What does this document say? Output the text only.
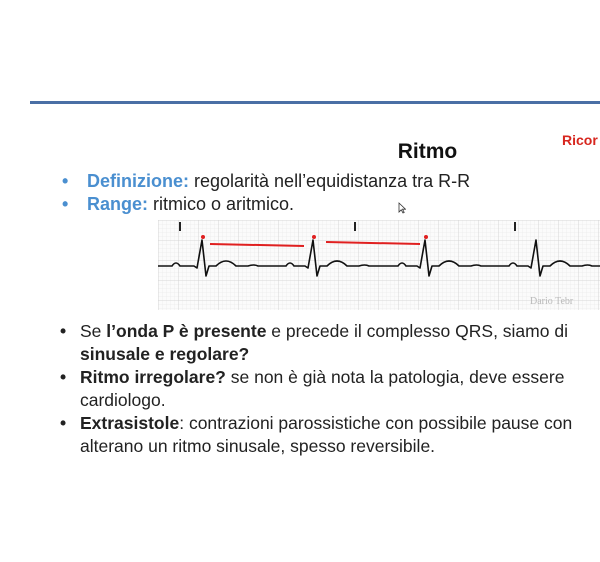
Ritmo	Ricor
• Definizione: regolarità nell’equidistanza tra R-R
• Range: ritmico o aritmico.
Dario Tebr
• Se l’onda P è presente e precede il complesso QRS, siamo di
sinusale e regolare?
• Ritmo irregolare? se non è già nota la patologia, deve essere
cardiologo.
• Extrasistole: contrazioni parossistiche con possibile pause con
alterano un ritmo sinusale, spesso reversibile.
